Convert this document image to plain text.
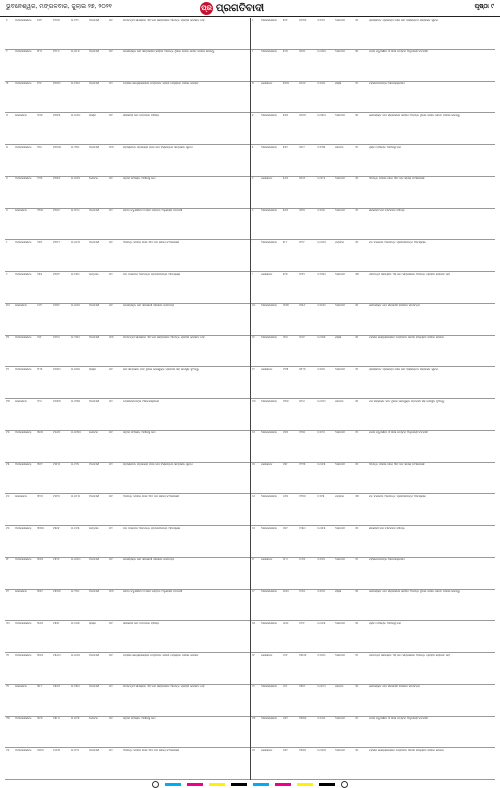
ଭୁବନେଶ୍ୱର, ମଙ୍ଗଳବାର, ଜୁଲାଇ ୨୭, ୨୦୨୧	ପ୍ର ପ୍ରଗତିବାଦୀ	ପୃଷ୍ଠା ୯
୧	ଅଣଜଳସେଚିତ	୧୭୨	୧୨୪୫	୦.୧୨୨	ଅନାବାଦୀ	୦୧	ପରବର୍ତ୍ତୀ ସମୟରେ ଏହି ଜମି ସମ୍ପର୍କରେ ଆପତ୍ତି ଗ୍ରହଣ କରାଯିବ ନାହିଁ
୨	ଅଣଜଳସେଚିତ	୧୮୫	୧୨୮୭	୦.୦୮୫	ଅନାବାଦୀ	୦୧	ଉପରୋକ୍ତ ଜମି ସମ୍ପର୍କରେ କାହାର ଆପତ୍ତି ଥିଲେ ଲିଖିତ ଭାବେ ଦାଖଲ କରନ୍ତୁ
୩	ଅଣଜଳସେଚିତ	୧୯୧	୧୩୦୨	୦.୧୪୦	ଅନାବାଦୀ	୦୨	ତହସିଲ କାର୍ଯ୍ୟାଳୟରେ ନିର୍ଦ୍ଧାରିତ ତାରିଖ ମଧ୍ୟରେ ଦାଖଲ କରିବେ
୪	ଜଳସେଚିତ	୨୦୪	୧୩୧୫	୦.୦୬୦	ରାସ୍ତା	୦୧	ସରକାରୀ ଜମି ବାବଦରେ ବିଜ୍ଞପ୍ତି
୫	ଅଣଜଳସେଚିତ	୨୧୬	୧୩୪୦	୦.୨୧୦	ଅନାବାଦୀ	୦୩	ପ୍ରସ୍ତାବିତ ପ୍ରକଳ୍ପ ପାଇଁ ଜମି ହସ୍ତାନ୍ତର ସମ୍ପର୍କିତ ସୂଚନା
୬	ଅଣଜଳସେଚିତ	୨୨୩	୧୩୫୧	୦.୦୪୫	ଗୋଚର	୦୧	ଗ୍ରାମ ପଞ୍ଚାୟତ ଅଧୀନସ୍ଥ ଜମି
୭	ଜଳସେଚିତ	୨୩୦	୧୩୬୮	୦.୧୮୦	ଅନାବାଦୀ	୦୨	ଜମିର ଚତୁଃସୀମା ଓ ଖାତା ନମ୍ବର ଅନୁଯାୟୀ ବିବରଣୀ
୮	ଅଣଜଳସେଚିତ	୨୪୭	୧୩୮୨	୦.୦୯୦	ଅନାବାଦୀ	୦୧	ଆପତ୍ତି ଦାଖଲ ପାଇଁ ୩୦ ଦିନ ସମୟ ଦିଆଯାଉଛି
୯	ଅଣଜଳସେଚିତ	୨୫୫	୧୩୯୯	୦.୧୧୦	ଜଙ୍ଗଲ	୦୨	ବନ ବିଭାଗର ଅନାପତ୍ତି ପ୍ରମାଣପତ୍ର ଆବଶ୍ୟକ
୧୦	ଜଳସେଚିତ	୨୬୨	୧୪୧୧	୦.୦୭୫	ଅନାବାଦୀ	୦୧	ଉପରୋକ୍ତ ଜମି ସରକାରୀ ଖାତାରେ ଲିପିବଦ୍ଧ
୧୧	ଅଣଜଳସେଚିତ	୨୭୮	୧୪୨୬	୦.୨୪୦	ଅନାବାଦୀ	୦୩	ପରବର୍ତ୍ତୀ ସମୟରେ ଏହି ଜମି ସମ୍ପର୍କରେ ଆପତ୍ତି ଗ୍ରହଣ କରାଯିବ ନାହିଁ
୧୨	ଅଣଜଳସେଚିତ	୨୮୩	୧୪୪୦	୦.୦୫୫	ରାସ୍ତା	୦୧	ଜମି ସମ୍ପର୍କିତ ଦାବି ଥିଲେ ଉପଯୁକ୍ତ ପ୍ରମାଣ ସହ ଉପସ୍ଥିତ ହୁଅନ୍ତୁ
୧୩	ଜଳସେଚିତ	୨୯୬	୧୪୫୩	୦.୧୩୦	ଅନାବାଦୀ	୦୨	ତହସିଲଦାରଙ୍କ ଆଦେଶକ୍ରମେ
୧୪	ଅଣଜଳସେଚିତ	୩୦୧	୧୪୬୭	୦.୦୩୦	ଗୋଚର	୦୧	ଗ୍ରାମ ପଞ୍ଚାୟତ ଅଧୀନସ୍ଥ ଜମି
୧୫	ଅଣଜଳସେଚିତ	୩୧୨	୧୪୮୦	୦.୧୯୫	ଅନାବାଦୀ	୦୨	ପ୍ରସ୍ତାବିତ ପ୍ରକଳ୍ପ ପାଇଁ ଜମି ହସ୍ତାନ୍ତର ସମ୍ପର୍କିତ ସୂଚନା
୧୬	ଜଳସେଚିତ	୩୨୪	୧୪୯୫	୦.୦୮୦	ଅନାବାଦୀ	୦୧	ଆପତ୍ତି ଦାଖଲ ପାଇଁ ୩୦ ଦିନ ସମୟ ଦିଆଯାଉଛି
୧୭	ଅଣଜଳସେଚିତ	୩୩୦	୧୫୦୮	୦.୧୬୫	ଜଙ୍ଗଲ	୦୨	ବନ ବିଭାଗର ଅନାପତ୍ତି ପ୍ରମାଣପତ୍ର ଆବଶ୍ୟକ
୧୮	ଅଣଜଳସେଚିତ	୩୪୫	୧୫୨୧	୦.୦୪୦	ଅନାବାଦୀ	୦୧	ଉପରୋକ୍ତ ଜମି ସରକାରୀ ଖାତାରେ ଲିପିବଦ୍ଧ
୧୯	ଜଳସେଚିତ	୩୫୨	୧୫୩୪	୦.୨୨୦	ଅନାବାଦୀ	୦୩	ଜମିର ଚତୁଃସୀମା ଓ ଖାତା ନମ୍ବର ଅନୁଯାୟୀ ବିବରଣୀ
୨୦	ଅଣଜଳସେଚିତ	୩୬୭	୧୫୪୮	୦.୧୦୫	ରାସ୍ତା	୦୧	ସରକାରୀ ଜମି ବାବଦରେ ବିଜ୍ଞପ୍ତି
୨୧	ଅଣଜଳସେଚିତ	୩୭୪	୧୫୬୦	୦.୦୬୫	ଅନାବାଦୀ	୦୧	ତହସିଲ କାର୍ଯ୍ୟାଳୟରେ ନିର୍ଦ୍ଧାରିତ ତାରିଖ ମଧ୍ୟରେ ଦାଖଲ କରିବେ
୨୨	ଜଳସେଚିତ	୩୮୮	୧୫୭୪	୦.୧୫୦	ଅନାବାଦୀ	୦୨	ପରବର୍ତ୍ତୀ ସମୟରେ ଏହି ଜମି ସମ୍ପର୍କରେ ଆପତ୍ତି ଗ୍ରହଣ କରାଯିବ ନାହିଁ
୨୩	ଅଣଜଳସେଚିତ	୩୯୫	୧୫୮୭	୦.୦୯୫	ଗୋଚର	୦୧	ଗ୍ରାମ ପଞ୍ଚାୟତ ଅଧୀନସ୍ଥ ଜମି
୨୪	ଅଣଜଳସେଚିତ	୪୦୩	୧୬୦୧	୦.୧୮୫	ଅନାବାଦୀ	୦୨	ଆପତ୍ତି ଦାଖଲ ପାଇଁ ୩୦ ଦିନ ସମୟ ଦିଆଯାଉଛି
୧	ଅଣଜଳସେଚିତ	୫୧୧	୨୦୩୪	୦.୧୨୦	ଅନାବାଦୀ	୦୧	ପ୍ରସ୍ତାବିତ ପ୍ରକଳ୍ପ ପାଇଁ ଜମି ହସ୍ତାନ୍ତର ସମ୍ପର୍କିତ ସୂଚନା
୨	ଅଣଜଳସେଚିତ	୫୨୪	୨୦୪୮	୦.୦୭୦	ଅନାବାଦୀ	୦୧	ଜମିର ଚତୁଃସୀମା ଓ ଖାତା ନମ୍ବର ଅନୁଯାୟୀ ବିବରଣୀ
୩	ଜଳସେଚିତ	୫୩୦	୨୦୬୧	୦.୨୦୫	ରାସ୍ତା	୦୨	ତହସିଲଦାରଙ୍କ ଆଦେଶକ୍ରମେ
୪	ଅଣଜଳସେଚିତ	୫୪୫	୨୦୭୫	୦.୦୫୦	ଅନାବାଦୀ	୦୧	ଉପରୋକ୍ତ ଜମି ସମ୍ପର୍କରେ କାହାର ଆପତ୍ତି ଥିଲେ ଲିଖିତ ଭାବେ ଦାଖଲ କରନ୍ତୁ
୫	ଅଣଜଳସେଚିତ	୫୫୨	୨୦୮୮	୦.୧୩୫	ଗୋଚର	୦୨	ଗ୍ରାମ ପଞ୍ଚାୟତ ଅଧୀନସ୍ଥ ଜମି
୬	ଜଳସେଚିତ	୫୬୭	୨୧୦୨	୦.୦୮୫	ଅନାବାଦୀ	୦୧	ଆପତ୍ତି ଦାଖଲ ପାଇଁ ୩୦ ଦିନ ସମୟ ଦିଆଯାଉଛି
୭	ଅଣଜଳସେଚିତ	୫୭୪	୨୧୧୫	୦.୧୭୫	ଅନାବାଦୀ	୦୨	ସରକାରୀ ଜମି ବାବଦରେ ବିଜ୍ଞପ୍ତି
୮	ଅଣଜଳସେଚିତ	୫୮୮	୨୧୨୯	୦.୦୬୦	ଜଙ୍ଗଲ	୦୧	ବନ ବିଭାଗର ଅନାପତ୍ତି ପ୍ରମାଣପତ୍ର ଆବଶ୍ୟକ
୯	ଜଳସେଚିତ	୫୯୫	୨୧୪୨	୦.୨୩୦	ଅନାବାଦୀ	୦୩	ପରବର୍ତ୍ତୀ ସମୟରେ ଏହି ଜମି ସମ୍ପର୍କରେ ଆପତ୍ତି ଗ୍ରହଣ କରାଯିବ ନାହିଁ
୧୦	ଅଣଜଳସେଚିତ	୬୦୩	୨୧୫୬	୦.୧୦୦	ଅନାବାଦୀ	୦୧	ଉପରୋକ୍ତ ଜମି ସରକାରୀ ଖାତାରେ ଲିପିବଦ୍ଧ
୧୧	ଅଣଜଳସେଚିତ	୬୧୬	୨୧୬୯	୦.୦୪୫	ରାସ୍ତା	୦୧	ତହସିଲ କାର୍ଯ୍ୟାଳୟରେ ନିର୍ଦ୍ଧାରିତ ତାରିଖ ମଧ୍ୟରେ ଦାଖଲ କରିବେ
୧୨	ଜଳସେଚିତ	୬୨୩	୨୧୮୩	୦.୧୫୫	ଅନାବାଦୀ	୦୨	ପ୍ରସ୍ତାବିତ ପ୍ରକଳ୍ପ ପାଇଁ ଜମି ହସ୍ତାନ୍ତର ସମ୍ପର୍କିତ ସୂଚନା
୧୩	ଅଣଜଳସେଚିତ	୬୩୭	୨୧୯୬	୦.୦୯୦	ଗୋଚର	୦୧	ଜମି ସମ୍ପର୍କିତ ଦାବି ଥିଲେ ଉପଯୁକ୍ତ ପ୍ରମାଣ ସହ ଉପସ୍ଥିତ ହୁଅନ୍ତୁ
୧୪	ଅଣଜଳସେଚିତ	୬୪୪	୨୨୧୦	୦.୧୯୦	ଅନାବାଦୀ	୦୨	ଜମିର ଚତୁଃସୀମା ଓ ଖାତା ନମ୍ବର ଅନୁଯାୟୀ ବିବରଣୀ
୧୫	ଜଳସେଚିତ	୬୫୮	୨୨୨୩	୦.୦୭୫	ଅନାବାଦୀ	୦୧	ଆପତ୍ତି ଦାଖଲ ପାଇଁ ୩୦ ଦିନ ସମୟ ଦିଆଯାଉଛି
୧୬	ଅଣଜଳସେଚିତ	୬୬୫	୨୨୩୭	୦.୨୧୫	ଜଙ୍ଗଲ	୦୩	ବନ ବିଭାଗର ଅନାପତ୍ତି ପ୍ରମାଣପତ୍ର ଆବଶ୍ୟକ
୧୭	ଅଣଜଳସେଚିତ	୬୭୯	୨୨୫୦	୦.୦୫୫	ଅନାବାଦୀ	୦୧	ସରକାରୀ ଜମି ବାବଦରେ ବିଜ୍ଞପ୍ତି
୧୮	ଜଳସେଚିତ	୬୮୬	୨୨୬୪	୦.୧୪୫	ଅନାବାଦୀ	୦୨	ତହସିଲଦାରଙ୍କ ଆଦେଶକ୍ରମେ
୧୯	ଅଣଜଳସେଚିତ	୭୦୦	୨୨୭୭	୦.୧୧୦	ରାସ୍ତା	୦୧	ଉପରୋକ୍ତ ଜମି ସମ୍ପର୍କରେ କାହାର ଆପତ୍ତି ଥିଲେ ଲିଖିତ ଭାବେ ଦାଖଲ କରନ୍ତୁ
୨୦	ଅଣଜଳସେଚିତ	୭୦୭	୨୨୯୧	୦.୦୬୫	ଅନାବାଦୀ	୦୧	ଗ୍ରାମ ପଞ୍ଚାୟତ ଅଧୀନସ୍ଥ ଜମି
୨୧	ଜଳସେଚିତ	୭୨୧	୨୩୦୪	୦.୨୦୦	ଅନାବାଦୀ	୦୨	ପରବର୍ତ୍ତୀ ସମୟରେ ଏହି ଜମି ସମ୍ପର୍କରେ ଆପତ୍ତି ଗ୍ରହଣ କରାଯିବ ନାହିଁ
୨୨	ଅଣଜଳସେଚିତ	୭୨୮	୨୩୧୮	୦.୦୮୦	ଗୋଚର	୦୧	ଉପରୋକ୍ତ ଜମି ସରକାରୀ ଖାତାରେ ଲିପିବଦ୍ଧ
୨୩	ଅଣଜଳସେଚିତ	୭୪୨	୨୩୩୧	୦.୧୬୦	ଅନାବାଦୀ	୦୨	ଜମିର ଚତୁଃସୀମା ଓ ଖାତା ନମ୍ବର ଅନୁଯାୟୀ ବିବରଣୀ
୨୪	ଜଳସେଚିତ	୭୪୯	୨୩୪୫	୦.୦୪୦	ଅନାବାଦୀ	୦୧	ତହସିଲ କାର୍ଯ୍ୟାଳୟରେ ନିର୍ଦ୍ଧାରିତ ତାରିଖ ମଧ୍ୟରେ ଦାଖଲ କରିବେ
